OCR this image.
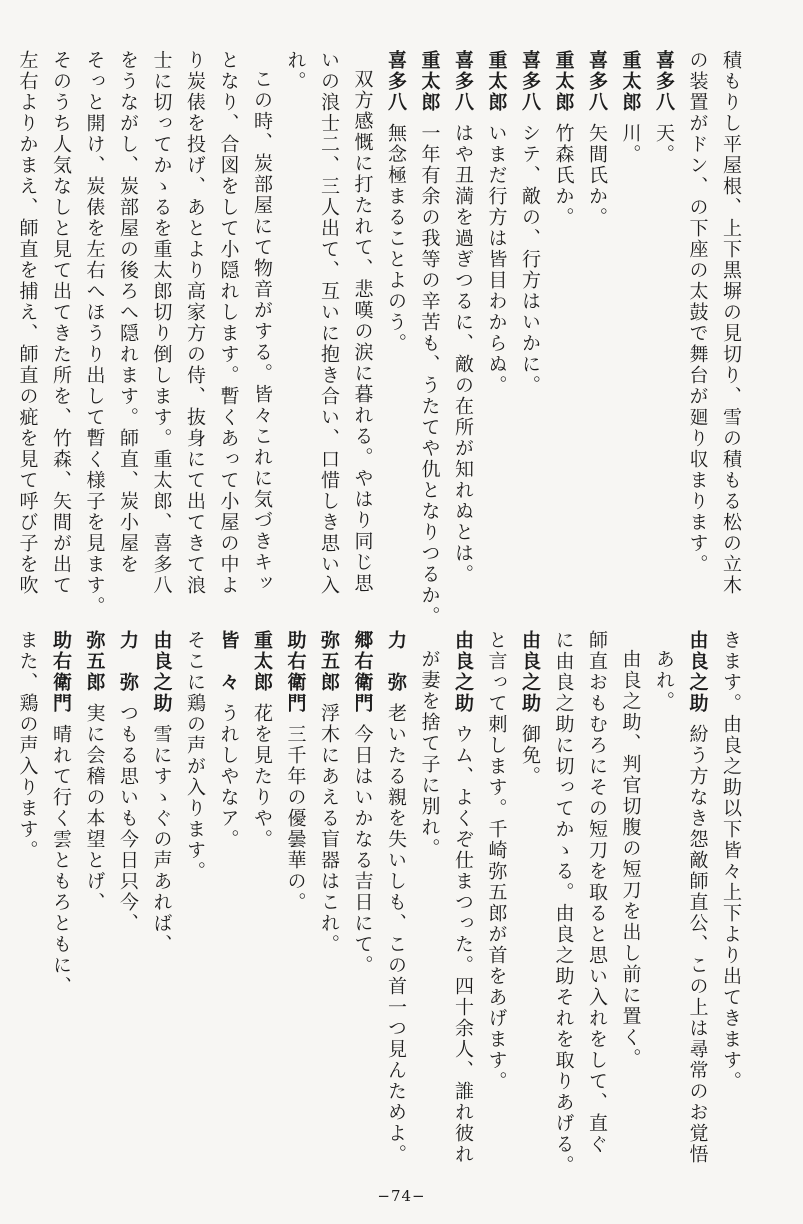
積もりし平屋根、上下黒塀の見切り、雪の積もる松の立木
の装置がドン、の下座の太鼓で舞台が廻り収まります。
喜多八天。
重太郎川。
喜多八矢間氏か。
重太郎竹森氏か。
喜多八シテ、敵の、行方はいかに。
重太郎いまだ行方は皆目わからぬ。
喜多八はや丑満を過ぎつるに、敵の在所が知れぬとは。
重太郎一年有余の我等の辛苦も、うたてや仇となりつるか。
喜多八無念極まることよのう。
双方感慨に打たれて、悲嘆の涙に暮れる。やはり同じ思
いの浪士二、三人出て、互いに抱き合い、口惜しき思い入
れ。
この時、炭部屋にて物音がする。皆々これに気づきキッ
となり、合図をして小隠れします。暫くあって小屋の中よ
り炭俵を投げ、あとより高家方の侍、抜身にて出てきて浪
士に切ってかゝるを重太郎切り倒します。重太郎、喜多八
をうながし、炭部屋の後ろへ隠れます。師直、炭小屋を
そっと開け、炭俵を左右へほうり出して暫く様子を見ます。
そのうち人気なしと見て出てきた所を、竹森、矢間が出て
左右よりかまえ、師直を捕え、師直の疵を見て呼び子を吹
きます。由良之助以下皆々上下より出てきます。
由良之助紛う方なき怨敵師直公、この上は尋常のお覚悟
あれ。
由良之助、判官切腹の短刀を出し前に置く。
師直おもむろにその短刀を取ると思い入れをして、直ぐ
に由良之助に切ってかゝる。由良之助それを取りあげる。
由良之助御免。
と言って刺します。千崎弥五郎が首をあげます。
由良之助ウム、よくぞ仕まつった。四十余人、誰れ彼れ
が妻を捨て子に別れ。
力　弥老いたる親を失いしも、この首一つ見んためよ。
郷右衛門今日はいかなる吉日にて。
弥五郎浮木にあえる盲器はこれ。
助右衛門三千年の優曇華の。
重太郎花を見たりや。
皆　々うれしやなア。
そこに鶏の声が入ります。
由良之助雪にすゝぐの声あれば、
力　弥つもる思いも今日只今、
弥五郎実に会稽の本望とげ、
助右衛門晴れて行く雲ともろともに、
また、鶏の声入ります。
−74−
